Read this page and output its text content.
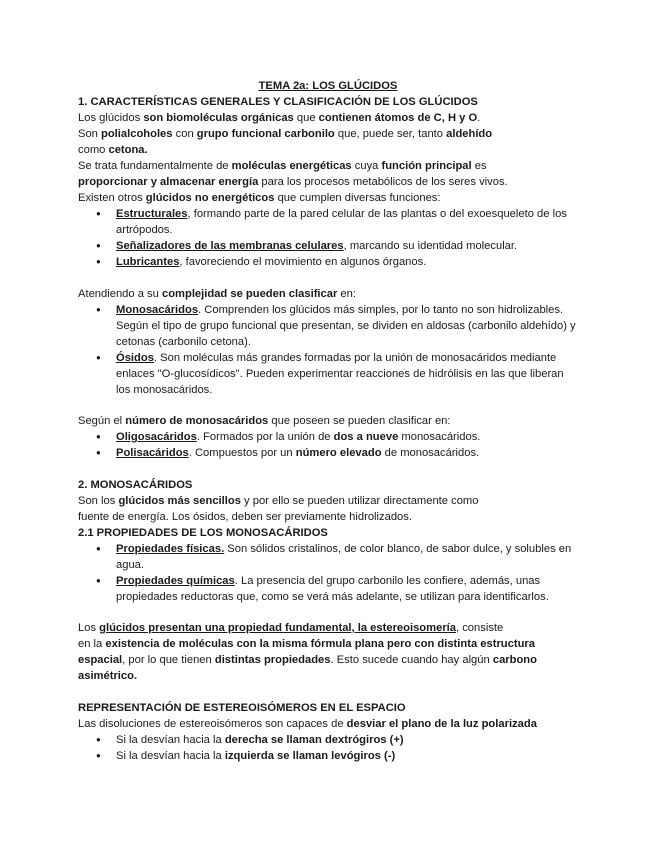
TEMA 2a: LOS GLÚCIDOS
1. CARACTERÍSTICAS GENERALES Y CLASIFICACIÓN DE LOS GLÚCIDOS

Los glúcidos son biomoléculas orgánicas que contienen átomos de C, H y O.

Son polialcoholes con grupo funcional carbonilo que, puede ser, tanto aldehído
como cetona.

Se trata fundamentalmente de moléculas energéticas cuya función principal es
proporcionar y almacenar energía para los procesos metabólicos de los seres vivos.

Existen otros glúcidos no energéticos que cumplen diversas funciones:

● Estructurales, formando parte de la pared celular de las plantas o del exoesqueleto de los artrópodos.
● Señalizadores de las membranas celulares, marcando su identidad molecular.
● Lubricantes, favoreciendo el movimiento en algunos órganos.

Atendiendo a su complejidad se pueden clasificar en:

● Monosacáridos. Comprenden los glúcidos más simples, por lo tanto no son hidrolizables. Según el tipo de grupo funcional que presentan, se dividen en aldosas (carbonilo aldehído) y cetonas (carbonilo cetona).
● Ósidos. Son moléculas más grandes formadas por la unión de monosacáridos mediante enlaces "O-glucosídicos". Pueden experimentar reacciones de hidrólisis en las que liberan los monosacáridos.

Según el número de monosacáridos que poseen se pueden clasificar en:

● Oligosacáridos. Formados por la unión de dos a nueve monosacáridos.
● Polisacáridos. Compuestos por un número elevado de monosacáridos.
2. MONOSACÁRIDOS

Son los glúcidos más sencillos y por ello se pueden utilizar directamente como
fuente de energía. Los ósidos, deben ser previamente hidrolizados.

2.1 PROPIEDADES DE LOS MONOSACÁRIDOS
● Propiedades físicas. Son sólidos cristalinos, de color blanco, de sabor dulce, y solubles en agua.
● Propiedades químicas. La presencia del grupo carbonilo les confiere, además, unas propiedades reductoras que, como se verá más adelante, se utilizan para identificarlos.

Los glúcidos presentan una propiedad fundamental, la estereoisomería, consiste
en la existencia de moléculas con la misma fórmula plana pero con distinta estructura espacial, por lo que tienen distintas propiedades. Esto sucede cuando hay algún carbono asimétrico.

REPRESENTACIÓN DE ESTEREOISÓMEROS EN EL ESPACIO

Las disoluciones de estereoisómeros son capaces de desviar el plano de la luz polarizada

● Si la desvían hacia la derecha se llaman dextrógiros (+)
● Si la desvían hacia la izquierda se llaman levógiros (-)
